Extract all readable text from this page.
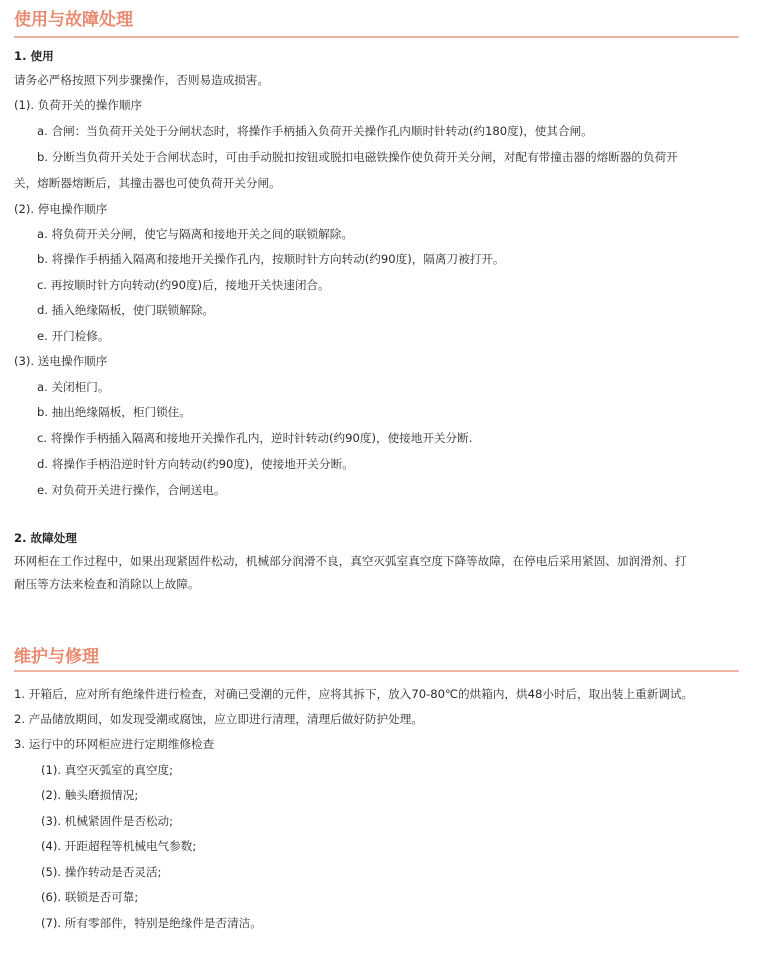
使用与故障处理

1. 使用

请务必严格按照下列步骤操作，否则易造成损害。

(1). 负荷开关的操作顺序

a. 合闸：当负荷开关处于分闸状态时，将操作手柄插入负荷开关操作孔内顺时针转动(约180度)，使其合闸。

b. 分断当负荷开关处于合闸状态时，可由手动脱扣按钮或脱扣电磁铁操作使负荷开关分闸，对配有带撞击器的熔断器的负荷开

关，熔断器熔断后，其撞击器也可使负荷开关分闸。

(2). 停电操作顺序

a. 将负荷开关分闸，使它与隔离和接地开关之间的联锁解除。

b. 将操作手柄插入隔离和接地开关操作孔内，按顺时针方向转动(约90度)，隔离刀被打开。

c. 再按顺时针方向转动(约90度)后，接地开关快速闭合。

d. 插入绝缘隔板，使门联锁解除。

e. 开门检修。

(3). 送电操作顺序

a. 关闭柜门。

b. 抽出绝缘隔板，柜门锁住。

c. 将操作手柄插入隔离和接地开关操作孔内，逆时针转动(约90度)，使接地开关分断.

d. 将操作手柄沿逆时针方向转动(约90度)，使接地开关分断。

e. 对负荷开关进行操作，合闸送电。

2. 故障处理

环网柜在工作过程中，如果出现紧固件松动，机械部分润滑不良，真空灭弧室真空度下降等故障，在停电后采用紧固、加润滑剂、打

耐压等方法来检查和消除以上故障。

维护与修理

1. 开箱后，应对所有绝缘件进行检查，对确已受潮的元件，应将其拆下，放入70-80℃的烘箱内，烘48小时后，取出装上重新调试。

2. 产品储放期间，如发现受潮或腐蚀，应立即进行清理，清理后做好防护处理。

3. 运行中的环网柜应进行定期维修检查

(1). 真空灭弧室的真空度;

(2). 触头磨损情况;

(3). 机械紧固件是否松动;

(4). 开距超程等机械电气参数;

(5). 操作转动是否灵活;

(6). 联锁是否可靠;

(7). 所有零部件，特别是绝缘件是否清洁。
